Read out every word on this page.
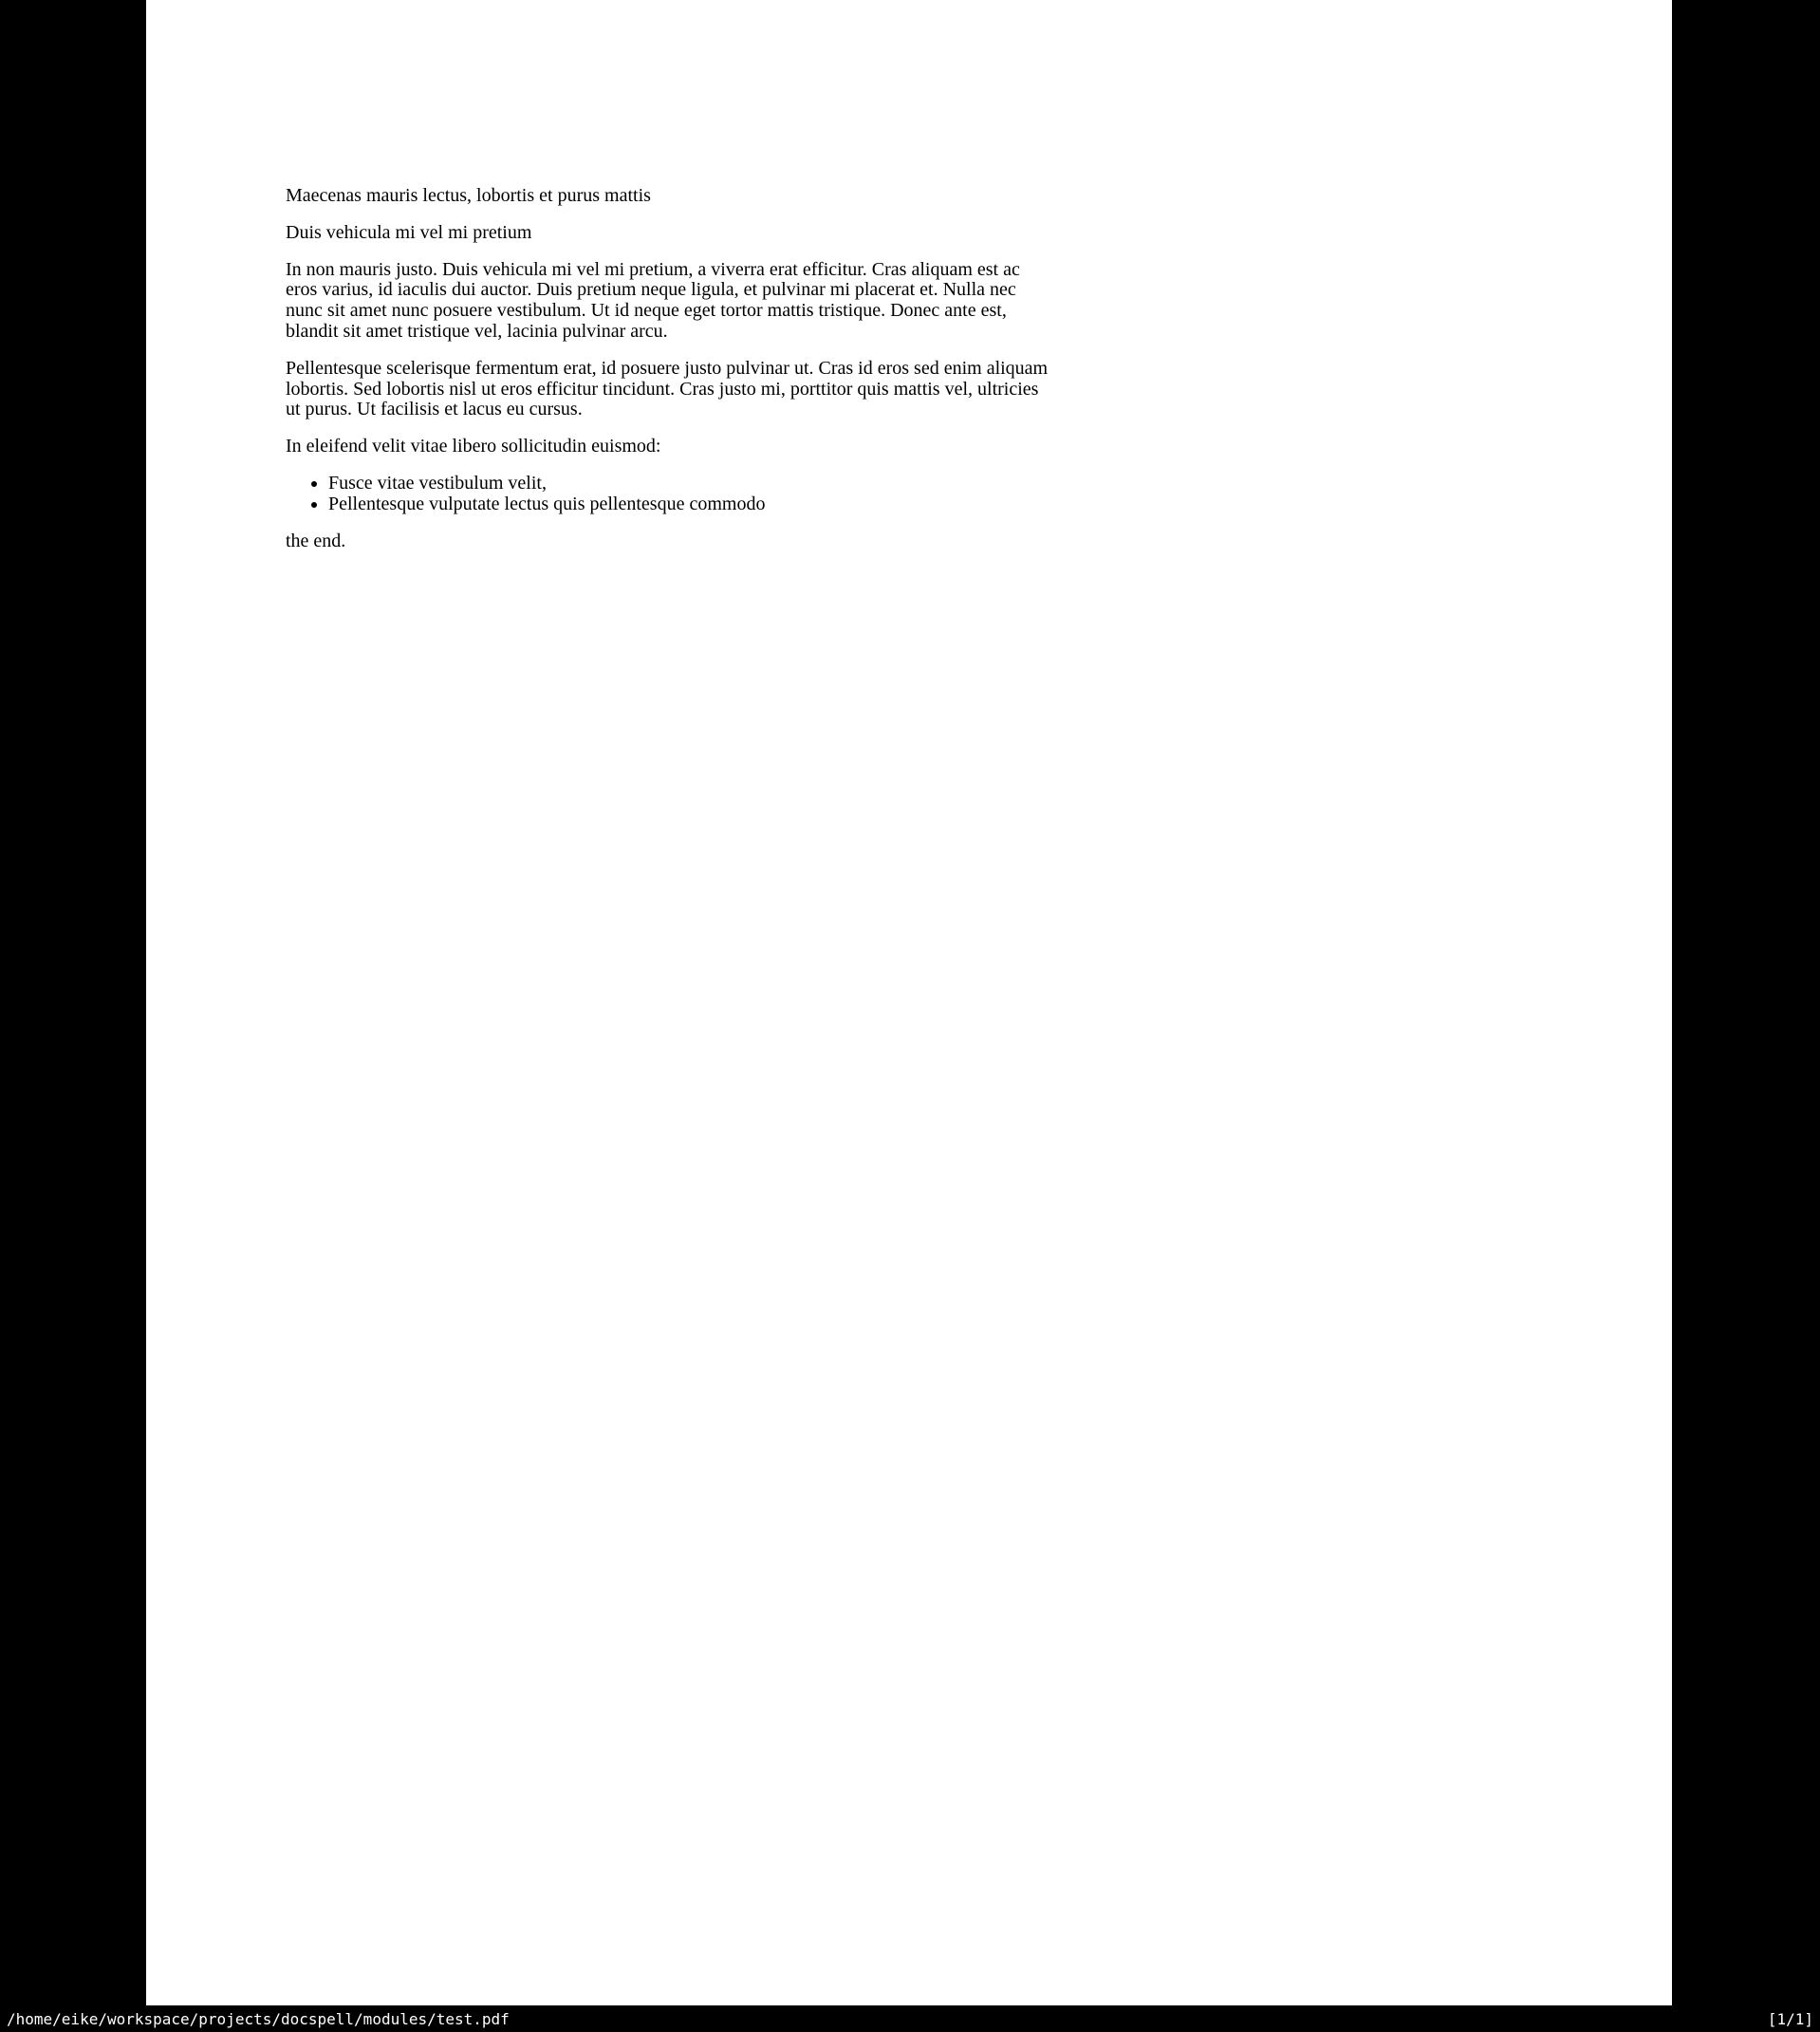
Maecenas mauris lectus, lobortis et purus mattis

Duis vehicula mi vel mi pretium

In non mauris justo. Duis vehicula mi vel mi pretium, a viverra erat efficitur. Cras aliquam est ac eros varius, id iaculis dui auctor. Duis pretium neque ligula, et pulvinar mi placerat et. Nulla nec nunc sit amet nunc posuere vestibulum. Ut id neque eget tortor mattis tristique. Donec ante est, blandit sit amet tristique vel, lacinia pulvinar arcu.

Pellentesque scelerisque fermentum erat, id posuere justo pulvinar ut. Cras id eros sed enim aliquam lobortis. Sed lobortis nisl ut eros efficitur tincidunt. Cras justo mi, porttitor quis mattis vel, ultricies ut purus. Ut facilisis et lacus eu cursus.

In eleifend velit vitae libero sollicitudin euismod:

• Fusce vitae vestibulum velit,
• Pellentesque vulputate lectus quis pellentesque commodo

the end.

/home/eike/workspace/projects/docspell/modules/test.pdf	[1/1]
